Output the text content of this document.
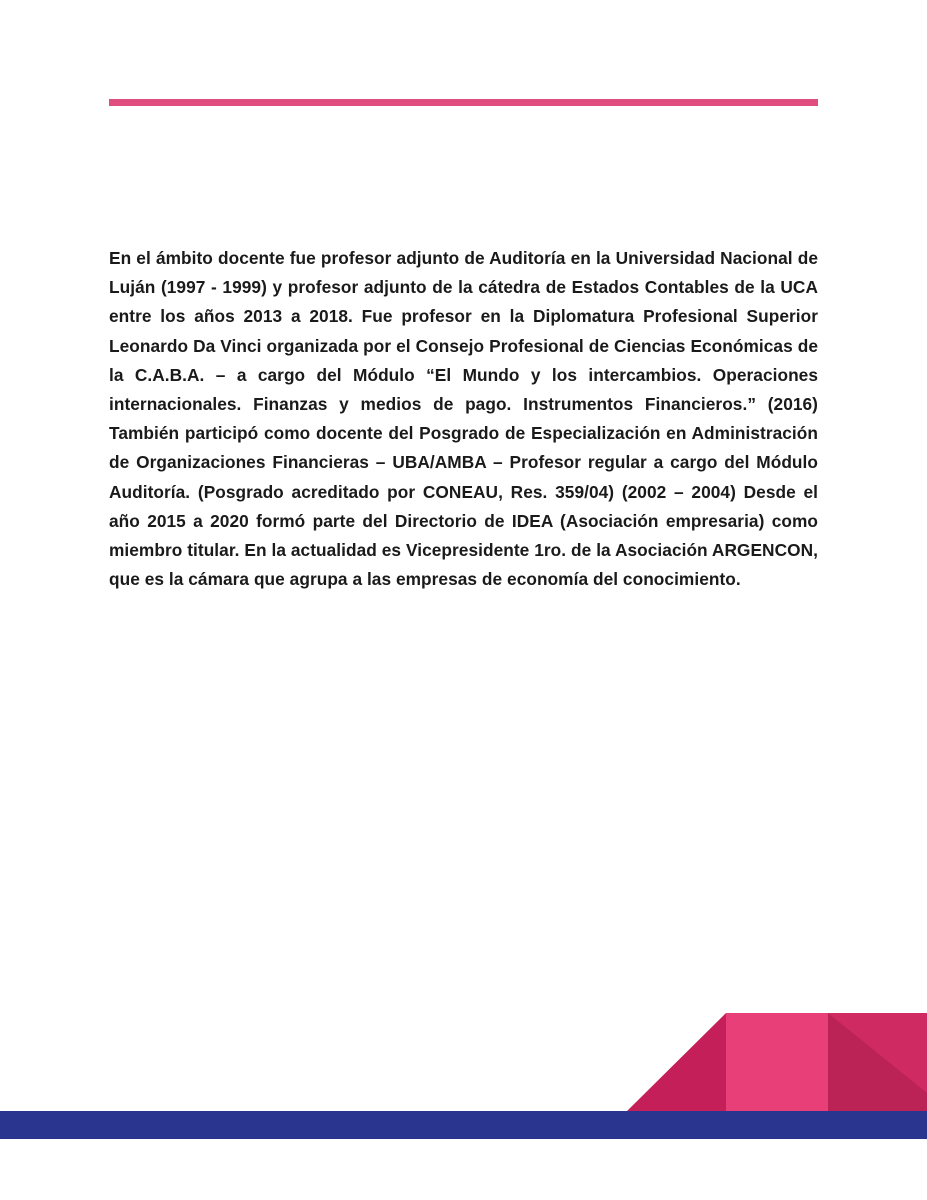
En el ámbito docente fue profesor adjunto de Auditoría en la Universidad Nacional de Luján (1997 - 1999) y profesor adjunto de la cátedra de Estados Contables de la UCA entre los años 2013 a 2018. Fue profesor en la Diplomatura Profesional Superior Leonardo Da Vinci organizada por el Consejo Profesional de Ciencias Económicas de la C.A.B.A. – a cargo del Módulo “El Mundo y los intercambios. Operaciones internacionales. Finanzas y medios de pago. Instrumentos Financieros.” (2016) También participó como docente del Posgrado de Especialización en Administración de Organizaciones Financieras – UBA/AMBA – Profesor regular a cargo del Módulo Auditoría. (Posgrado acreditado por CONEAU, Res. 359/04) (2002 – 2004) Desde el año 2015 a 2020 formó parte del Directorio de IDEA (Asociación empresaria) como miembro titular. En la actualidad es Vicepresidente 1ro. de la Asociación ARGENCON, que es la cámara que agrupa a las empresas de economía del conocimiento.
